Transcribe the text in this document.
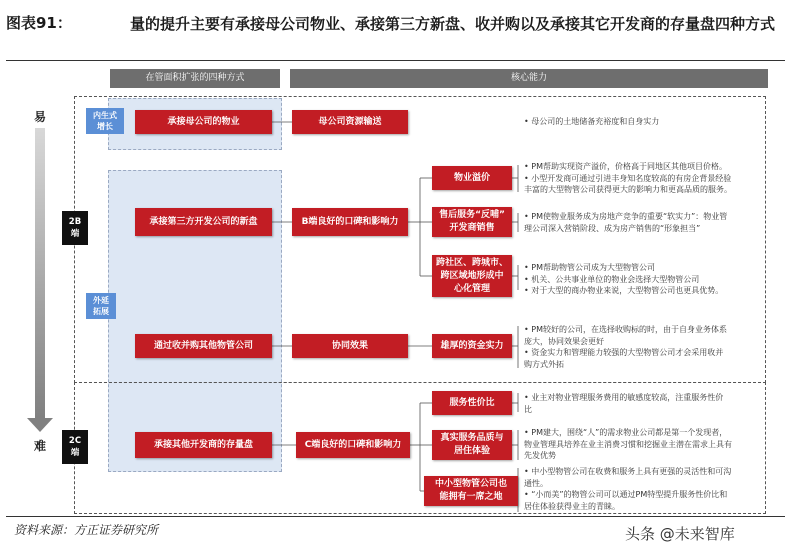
图表91：	量的提升主要有承接母公司物业、承接第三方新盘、收并购以及承接其它开发商的存量盘四种方式
在管面积扩张的四种方式	核心能力
易
难
2B
端
2C
端
内生式
增长
外延
拓展
承接母公司的物业
承接第三方开发公司的新盘
通过收并购其他物管公司
承接其他开发商的存量盘
母公司资源输送
B端良好的口碑和影响力
协同效果
C端良好的口碑和影响力
物业溢价
售后服务“反哺”
开发商销售
跨社区、跨城市、
跨区域地形成中
心化管理
雄厚的资金实力
服务性价比
真实服务品质与
居住体验
中小型物管公司也
能拥有一席之地
• 母公司的土地储备充裕度和自身实力
• PM帮助实现资产溢价，价格高于同地区其他项目价格。
• 小型开发商可通过引进丰身知名度较高的有房企背景经验
丰富的大型物管公司获得更大的影响力和更高品质的服务。
• PM使物业服务成为房地产竞争的重要“软实力”：物业管
理公司深入营销阶段、成为房产销售的“形象担当”
• PM帮助物管公司成为大型物管公司
• 机关、公共事业单位的物业会选择大型物管公司
• 对于大型的商办物业来说，大型物管公司也更具优势。
• PM较好的公司，在选择收购标的时，由于自身业务体系
庞大，协同效果会更好
• 资金实力和管理能力较强的大型物管公司才会采用收并
购方式外拓
• 业主对物业管理服务费用的敏感度较高，注重服务性价
比
• PM建大，围绕“人”的需求物业公司都是第一个发现者，
物业管理具培养在业主消费习惯和挖掘业主潜在需求上具有
先发优势
• 中小型物管公司在收费和服务上具有更强的灵活性和可沟
通性。
• “小而美”的物管公司可以通过PM特型提升服务性价比和
居住体验获得业主的青睐。
资料来源：方正证券研究所	头条 @未来智库
